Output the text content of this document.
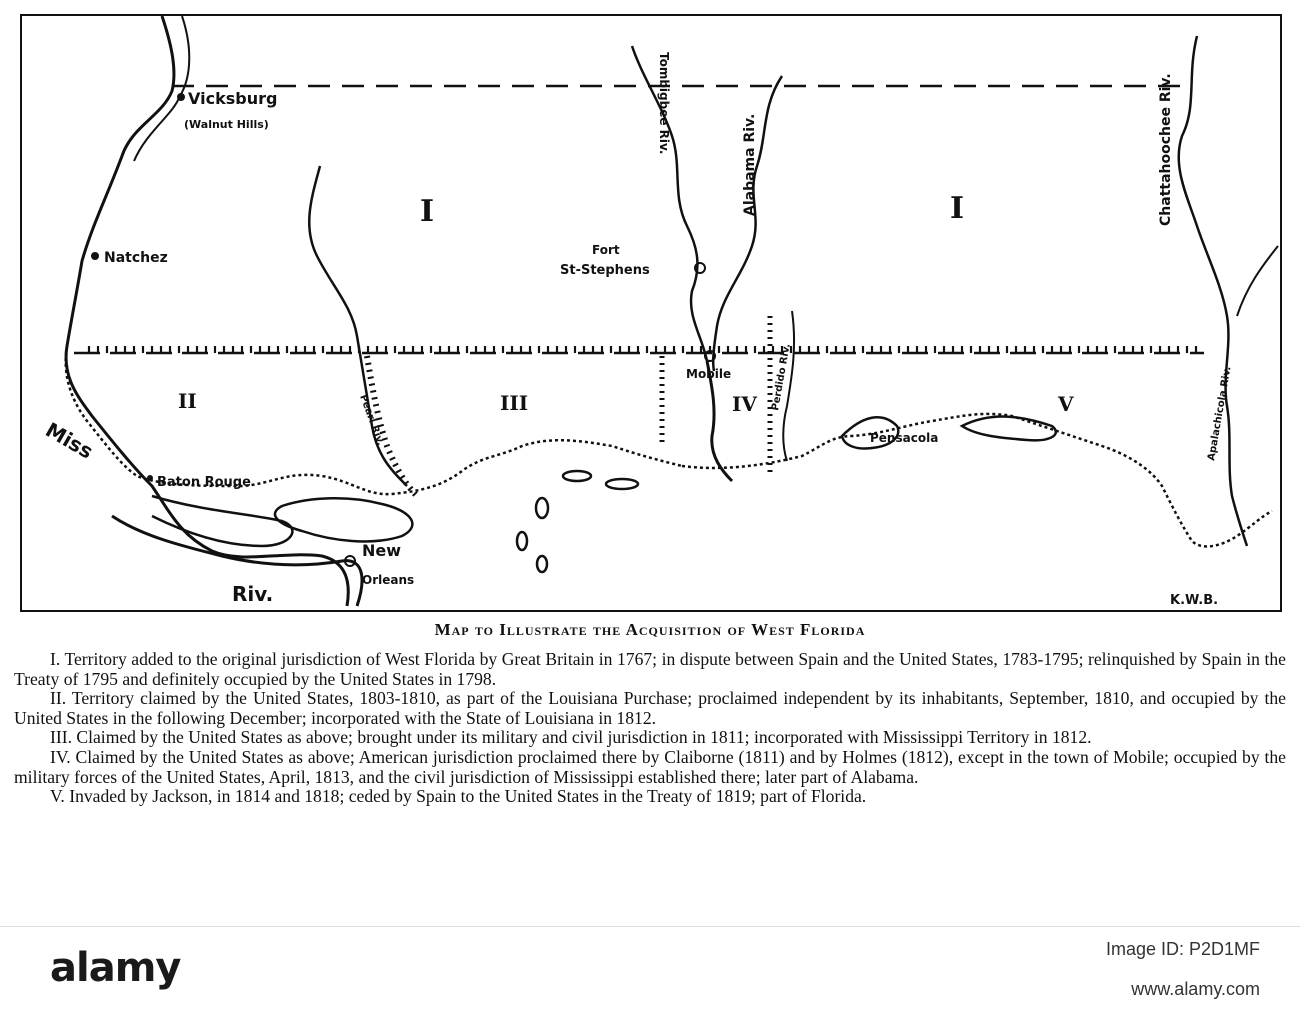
Vicksburg
(Walnut Hills)
Natchez	Fort
St-Stephens
Baton Rouge
New
Orleans
Mobile
Pensacola
Miss
Riv.
Tombigbee Riv.
Alabama Riv.	Chattahoochee Riv.
Perdido Riv.
Pearl Riv.	Apalachicola Riv.
I	I
II	III	IV	V
K.W.B.
Map to Illustrate the Acquisition of West Florida

I. Territory added to the original jurisdiction of West Florida by Great Britain in 1767; in dispute between Spain and the United States, 1783-1795; relinquished by Spain in the Treaty of 1795 and definitely occupied by the United States in 1798.

II. Territory claimed by the United States, 1803-1810, as part of the Louisiana Purchase; proclaimed independent by its inhabitants, September, 1810, and occupied by the United States in the following December; incorporated with the State of Louisiana in 1812.

III. Claimed by the United States as above; brought under its military and civil jurisdiction in 1811; incorporated with Mississippi Territory in 1812.

IV. Claimed by the United States as above; American jurisdiction proclaimed there by Claiborne (1811) and by Holmes (1812), except in the town of Mobile; occupied by the military forces of the United States, April, 1813, and the civil jurisdiction of Mississippi established there; later part of Alabama.

V. Invaded by Jackson, in 1814 and 1818; ceded by Spain to the United States in the Treaty of 1819; part of Florida.

alamy	Image ID: P2D1MF
www.alamy.com
